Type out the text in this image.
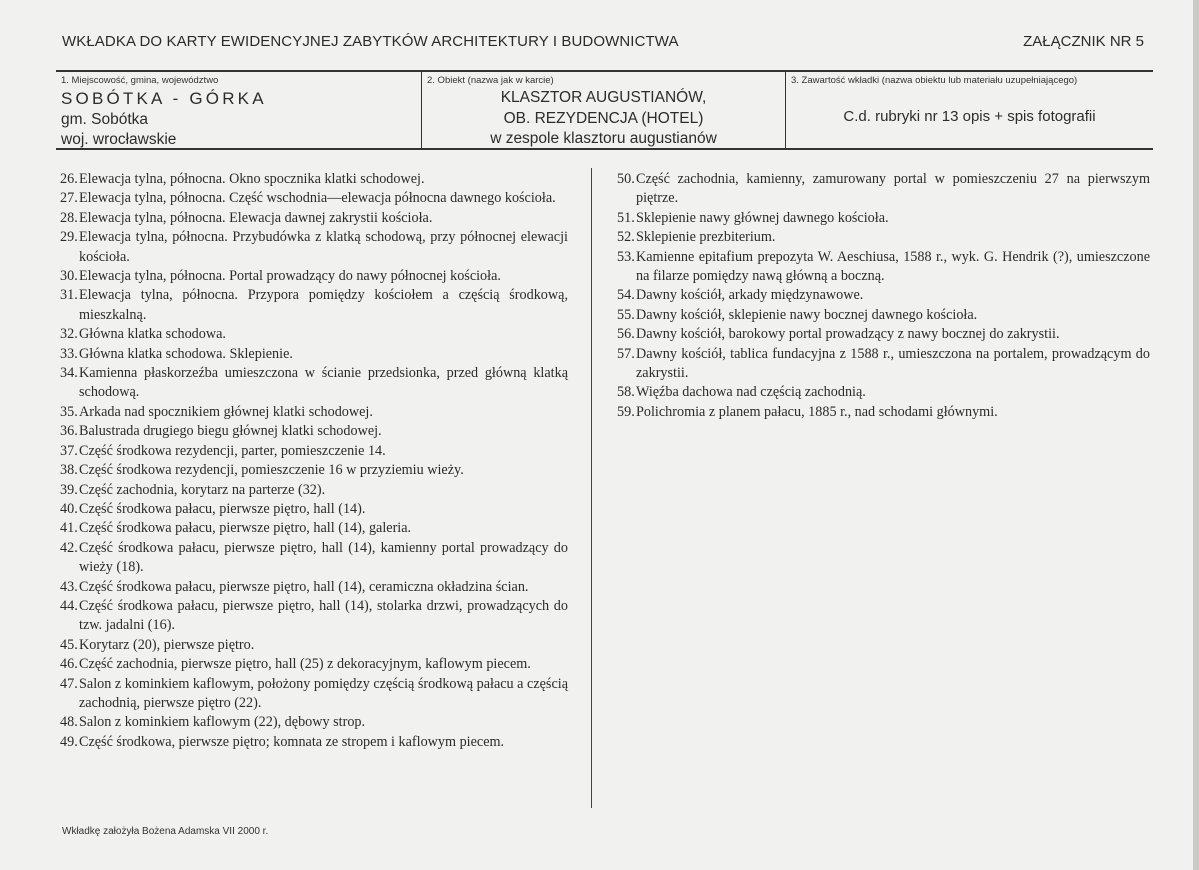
WKŁADKA DO KARTY EWIDENCYJNEJ ZABYTKÓW ARCHITEKTURY I BUDOWNICTWA	ZAŁĄCZNIK NR 5
1. Miejscowość, gmina, województwo
SOBÓTKA - GÓRKA
gm. Sobótka
woj. wrocławskie
2. Obiekt (nazwa jak w karcie)
KLASZTOR AUGUSTIANÓW,
OB. REZYDENCJA (HOTEL)
w zespole klasztoru augustianów
3. Zawartość wkładki (nazwa obiektu lub materiału uzupełniającego)
C.d. rubryki nr 13 opis + spis fotografii
26. Elewacja tylna, północna. Okno spocznika klatki schodowej.
27. Elewacja tylna, północna. Część wschodnia—elewacja północna dawnego kościoła.
28. Elewacja tylna, północna. Elewacja dawnej zakrystii kościoła.
29. Elewacja tylna, północna. Przybudówka z klatką schodową, przy północnej elewacji kościoła.
30. Elewacja tylna, północna. Portal prowadzący do nawy północnej kościoła.
31. Elewacja tylna, północna. Przypora pomiędzy kościołem a częścią środkową, mieszkalną.
32. Główna klatka schodowa.
33. Główna klatka schodowa. Sklepienie.
34. Kamienna płaskorzeźba umieszczona w ścianie przedsionka, przed główną klatką schodową.
35. Arkada nad spocznikiem głównej klatki schodowej.
36. Balustrada drugiego biegu głównej klatki schodowej.
37. Część środkowa rezydencji, parter, pomieszczenie 14.
38. Część środkowa rezydencji, pomieszczenie 16 w przyziemiu wieży.
39. Część zachodnia, korytarz na parterze (32).
40. Część środkowa pałacu, pierwsze piętro, hall (14).
41. Część środkowa pałacu, pierwsze piętro, hall (14), galeria.
42. Część środkowa pałacu, pierwsze piętro, hall (14), kamienny portal prowadzący do wieży (18).
43. Część środkowa pałacu, pierwsze piętro, hall (14), ceramiczna okładzina ścian.
44. Część środkowa pałacu, pierwsze piętro, hall (14), stolarka drzwi, prowadzących do tzw. jadalni (16).
45. Korytarz (20), pierwsze piętro.
46. Część zachodnia, pierwsze piętro, hall (25) z dekoracyjnym, kaflowym piecem.
47. Salon z kominkiem kaflowym, położony pomiędzy częścią środkową pałacu a częścią zachodnią, pierwsze piętro (22).
48. Salon z kominkiem kaflowym (22), dębowy strop.
49. Część środkowa, pierwsze piętro; komnata ze stropem i kaflowym piecem.
50. Część zachodnia, kamienny, zamurowany portal w pomieszczeniu 27 na pierwszym piętrze.
51. Sklepienie nawy głównej dawnego kościoła.
52. Sklepienie prezbiterium.
53. Kamienne epitafium prepozyta W. Aeschiusa, 1588 r., wyk. G. Hendrik (?), umieszczone na filarze pomiędzy nawą główną a boczną.
54. Dawny kościół, arkady międzynawowe.
55. Dawny kościół, sklepienie nawy bocznej dawnego kościoła.
56. Dawny kościół, barokowy portal prowadzący z nawy bocznej do zakrystii.
57. Dawny kościół, tablica fundacyjna z 1588 r., umieszczona na portalem, prowadzącym do zakrystii.
58. Więźba dachowa nad częścią zachodnią.
59. Polichromia z planem pałacu, 1885 r., nad schodami głównymi.
Wkładkę założyła Bożena Adamska VII 2000 r.
